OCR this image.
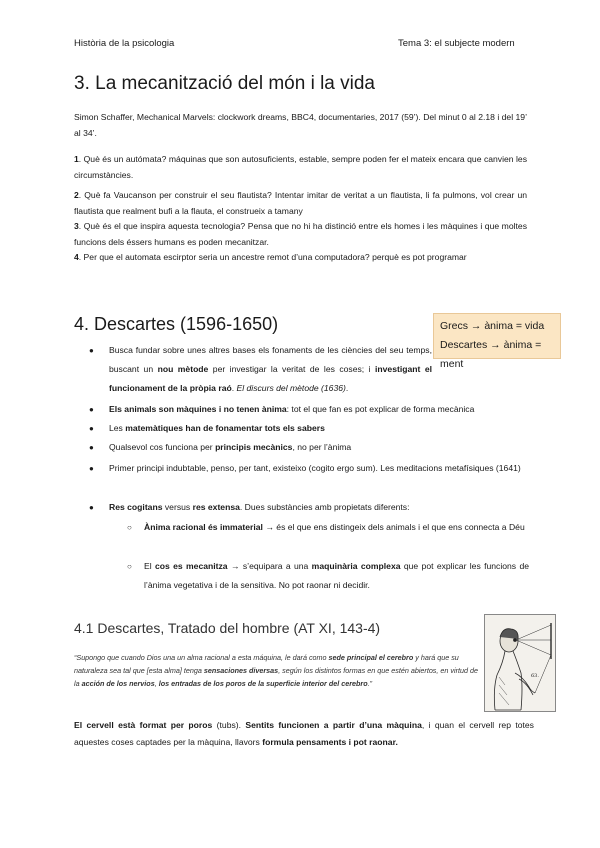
Història de la psicologia	Tema 3: el subjecte modern
3. La mecanització del món i la vida
Simon Schaffer, Mechanical Marvels: clockwork dreams, BBC4, documentaries, 2017 (59’). Del minut 0 al 2.18 i del 19’ al 34’.
1. Què és un autómata? máquinas que son autosuficients, estable, sempre poden fer el mateix encara que canvien les circumstàncies.
2. Què fa Vaucanson per construir el seu flautista? Intentar imitar de veritat a un flautista, li fa pulmons, vol crear un flautista que realment bufi a la flauta, el construeix a tamany
3. Què és el que inspira aquesta tecnologia? Pensa que no hi ha distinció entre els homes i les màquines i que moltes funcions dels éssers humans es poden mecanitzar.
4. Per que el automata escirptor seria un ancestre remot d’una computadora? perquè es pot programar
4. Descartes (1596-1650)	Grecs → ànima = vida
Descartes → ànima = ment
● Busca fundar sobre unes altres bases els fonaments de les ciències del seu temps, buscant un nou mètode per investigar la veritat de les coses; i investigant el funcionament de la pròpia raó. El discurs del mètode (1636).
● Els animals son màquines i no tenen ànima: tot el que fan es pot explicar de forma mecànica
● Les matemàtiques han de fonamentar tots els sabers
● Qualsevol cos funciona per principis mecànics, no per l’ànima
● Primer principi indubtable, penso, per tant, existeixo (cogito ergo sum). Les meditacions metafísiques (1641)
● Res cogitans versus res extensa. Dues substàncies amb propietats diferents:
○ Ànima racional és immaterial → és el que ens distingeix dels animals i el que ens connecta a Déu
○ El cos es mecanitza → s’equipara a una maquinària complexa que pot explicar les funcions de l’ànima vegetativa i de la sensitiva. No pot raonar ni decidir.
4.1 Descartes, Tratado del hombre (AT XI, 143-4)
“Supongo que cuando Dios una un alma racional a esta máquina, le dará como sede principal el cerebro y hará que su naturaleza sea tal que [esta alma] tenga sensaciones diversas, según los distintos formas en que estén abiertos, en virtud de la acción de los nervios, los entradas de los poros de la superficie interior del cerebro.”
63.
El cervell està format per poros (tubs). Sentits funcionen a partir d’una màquina, i quan el cervell rep totes aquestes coses captades per la màquina, llavors formula pensaments i pot raonar.
